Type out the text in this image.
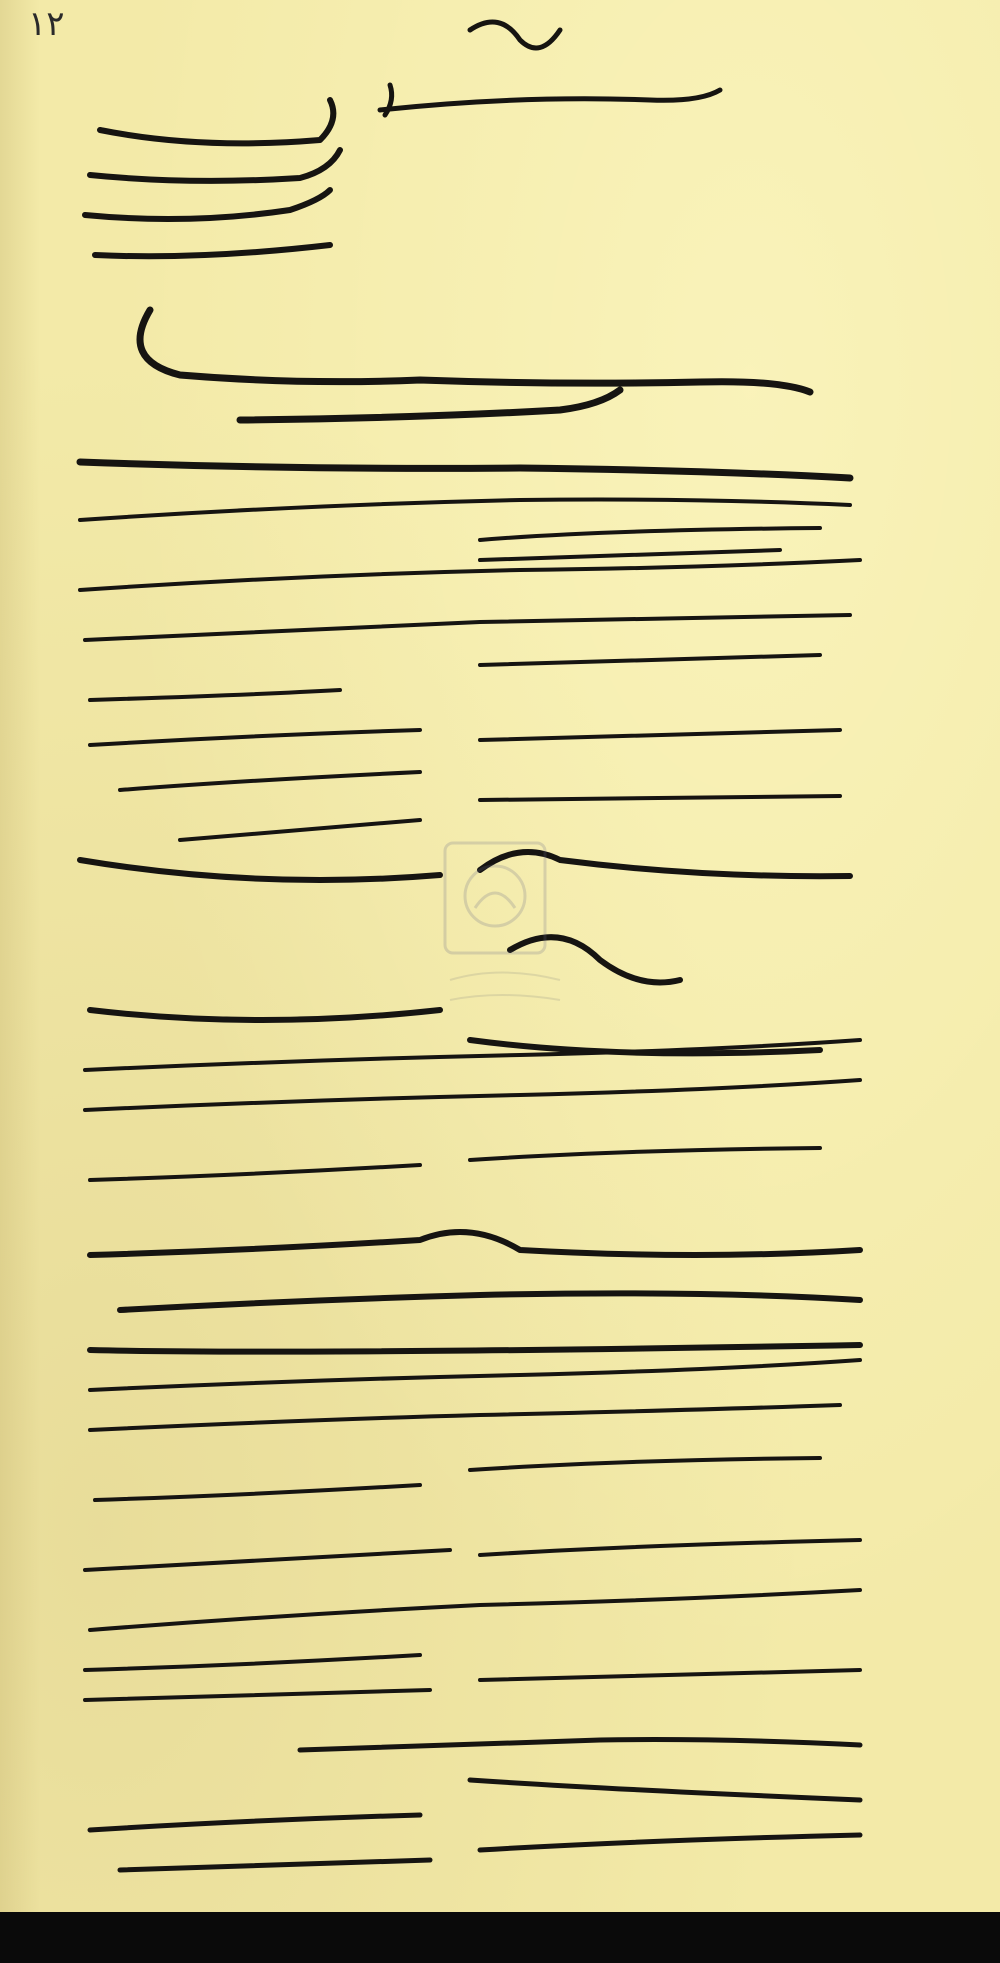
۱۲
